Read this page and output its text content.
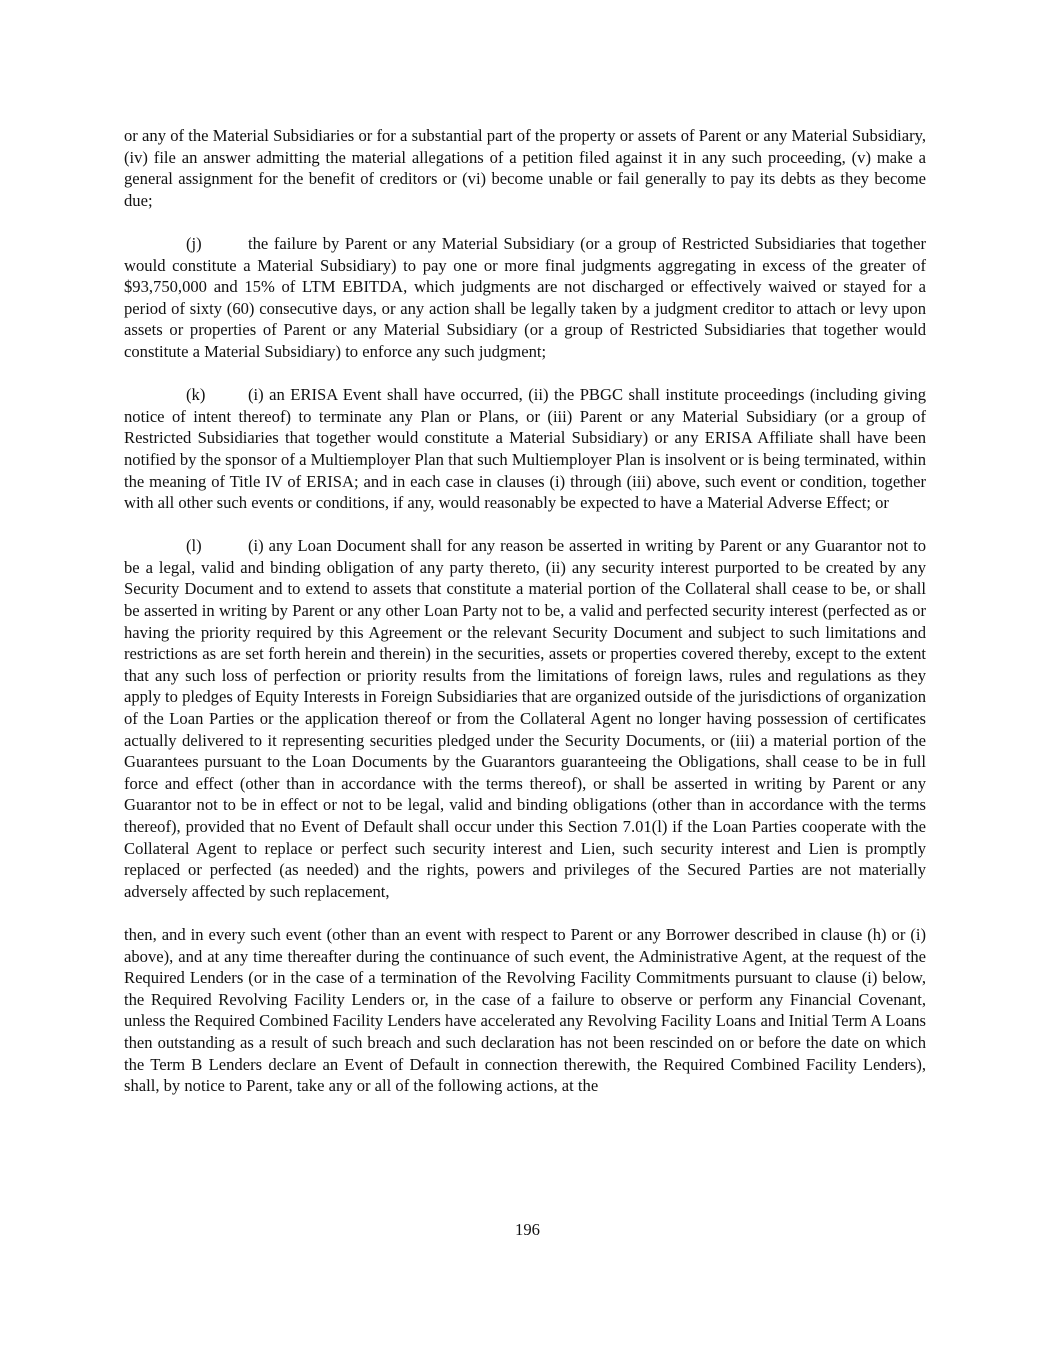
or any of the Material Subsidiaries or for a substantial part of the property or assets of Parent or any Material Subsidiary, (iv) file an answer admitting the material allegations of a petition filed against it in any such proceeding, (v) make a general assignment for the benefit of creditors or (vi) become unable or fail generally to pay its debts as they become due;

(j)	the failure by Parent or any Material Subsidiary (or a group of Restricted Subsidiaries that together would constitute a Material Subsidiary) to pay one or more final judgments aggregating in excess of the greater of $93,750,000 and 15% of LTM EBITDA, which judgments are not discharged or effectively waived or stayed for a period of sixty (60) consecutive days, or any action shall be legally taken by a judgment creditor to attach or levy upon assets or properties of Parent or any Material Subsidiary (or a group of Restricted Subsidiaries that together would constitute a Material Subsidiary) to enforce any such judgment;

(k)	(i) an ERISA Event shall have occurred, (ii) the PBGC shall institute proceedings (including giving notice of intent thereof) to terminate any Plan or Plans, or (iii) Parent or any Material Subsidiary (or a group of Restricted Subsidiaries that together would constitute a Material Subsidiary) or any ERISA Affiliate shall have been notified by the sponsor of a Multiemployer Plan that such Multiemployer Plan is insolvent or is being terminated, within the meaning of Title IV of ERISA; and in each case in clauses (i) through (iii) above, such event or condition, together with all other such events or conditions, if any, would reasonably be expected to have a Material Adverse Effect; or

(l)	(i) any Loan Document shall for any reason be asserted in writing by Parent or any Guarantor not to be a legal, valid and binding obligation of any party thereto, (ii) any security interest purported to be created by any Security Document and to extend to assets that constitute a material portion of the Collateral shall cease to be, or shall be asserted in writing by Parent or any other Loan Party not to be, a valid and perfected security interest (perfected as or having the priority required by this Agreement or the relevant Security Document and subject to such limitations and restrictions as are set forth herein and therein) in the securities, assets or properties covered thereby, except to the extent that any such loss of perfection or priority results from the limitations of foreign laws, rules and regulations as they apply to pledges of Equity Interests in Foreign Subsidiaries that are organized outside of the jurisdictions of organization of the Loan Parties or the application thereof or from the Collateral Agent no longer having possession of certificates actually delivered to it representing securities pledged under the Security Documents, or (iii) a material portion of the Guarantees pursuant to the Loan Documents by the Guarantors guaranteeing the Obligations, shall cease to be in full force and effect (other than in accordance with the terms thereof), or shall be asserted in writing by Parent or any Guarantor not to be in effect or not to be legal, valid and binding obligations (other than in accordance with the terms thereof), provided that no Event of Default shall occur under this Section 7.01(l) if the Loan Parties cooperate with the Collateral Agent to replace or perfect such security interest and Lien, such security interest and Lien is promptly replaced or perfected (as needed) and the rights, powers and privileges of the Secured Parties are not materially adversely affected by such replacement,

then, and in every such event (other than an event with respect to Parent or any Borrower described in clause (h) or (i) above), and at any time thereafter during the continuance of such event, the Administrative Agent, at the request of the Required Lenders (or in the case of a termination of the Revolving Facility Commitments pursuant to clause (i) below, the Required Revolving Facility Lenders or, in the case of a failure to observe or perform any Financial Covenant, unless the Required Combined Facility Lenders have accelerated any Revolving Facility Loans and Initial Term A Loans then outstanding as a result of such breach and such declaration has not been rescinded on or before the date on which the Term B Lenders declare an Event of Default in connection therewith, the Required Combined Facility Lenders), shall, by notice to Parent, take any or all of the following actions, at the

196
